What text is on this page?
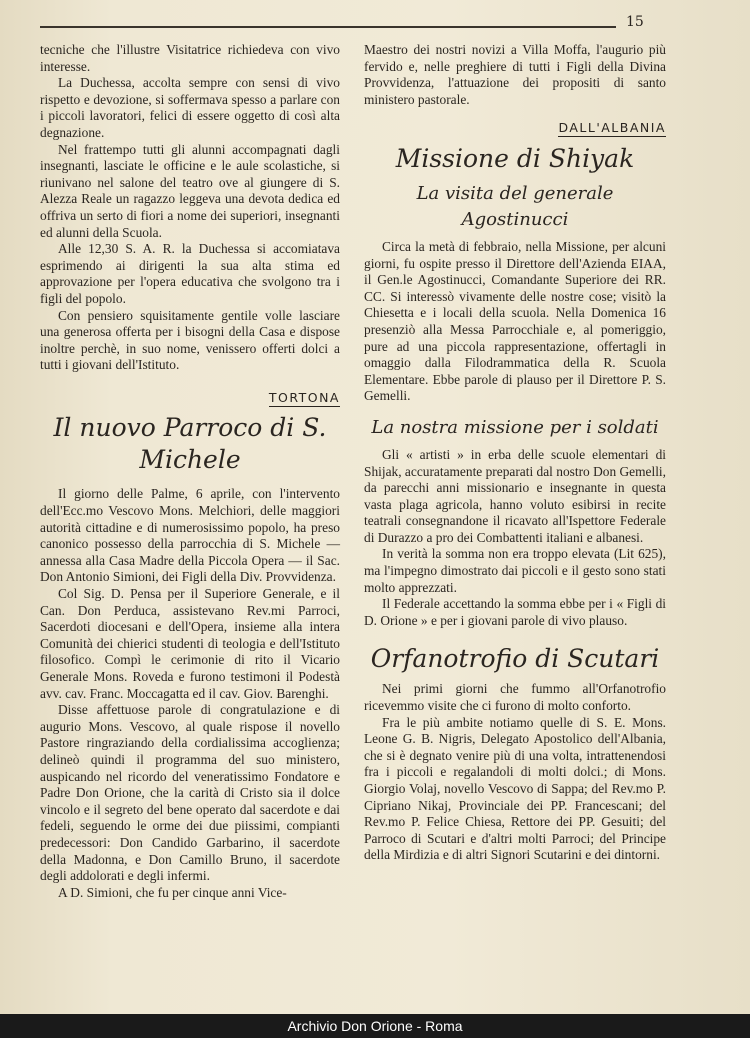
15

tecniche che l'illustre Visitatrice richiedeva con vivo interesse.

La Duchessa, accolta sempre con sensi di vivo rispetto e devozione, si soffermava spesso a parlare con i piccoli lavoratori, felici di essere oggetto di così alta degnazione.

Nel frattempo tutti gli alunni accompagnati dagli insegnanti, lasciate le officine e le aule scolastiche, si riunivano nel salone del teatro ove al giungere di S. Alezza Reale un ragazzo leggeva una devota dedica ed offriva un serto di fiori a nome dei superiori, insegnanti ed alunni della Scuola.

Alle 12,30 S. A. R. la Duchessa si accomiatava esprimendo ai dirigenti la sua alta stima ed approvazione per l'opera educativa che svolgono tra i figli del popolo.

Con pensiero squisitamente gentile volle lasciare una generosa offerta per i bisogni della Casa e dispose inoltre perchè, in suo nome, venissero offerti dolci a tutti i giovani dell'Istituto.

TORTONA
Il nuovo Parroco di S. Michele

Il giorno delle Palme, 6 aprile, con l'intervento dell'Ecc.mo Vescovo Mons. Melchiori, delle maggiori autorità cittadine e di numerosissimo popolo, ha preso canonico possesso della parrocchia di S. Michele — annessa alla Casa Madre della Piccola Opera — il Sac. Don Antonio Simioni, dei Figli della Div. Provvidenza.

Col Sig. D. Pensa per il Superiore Generale, e il Can. Don Perduca, assistevano Rev.mi Parroci, Sacerdoti diocesani e dell'Opera, insieme alla intera Comunità dei chierici studenti di teologia e dell'Istituto filosofico. Compì le cerimonie di rito il Vicario Generale Mons. Roveda e furono testimoni il Podestà avv. cav. Franc. Moccagatta ed il cav. Giov. Barenghi.

Disse affettuose parole di congratulazione e di augurio Mons. Vescovo, al quale rispose il novello Pastore ringraziando della cordialissima accoglienza; delineò quindi il programma del suo ministero, auspicando nel ricordo del veneratissimo Fondatore e Padre Don Orione, che la carità di Cristo sia il dolce vincolo e il segreto del bene operato dal sacerdote e dai fedeli, seguendo le orme dei due piissimi, compianti predecessori: Don Candido Garbarino, il sacerdote della Madonna, e Don Camillo Bruno, il sacerdote degli addolorati e degli infermi.

A D. Simioni, che fu per cinque anni Vice-

Maestro dei nostri novizi a Villa Moffa, l'augurio più fervido e, nelle preghiere di tutti i Figli della Divina Provvidenza, l'attuazione dei propositi di santo ministero pastorale.

DALL'ALBANIA
Missione di Shiyak
La visita del generale Agostinucci

Circa la metà di febbraio, nella Missione, per alcuni giorni, fu ospite presso il Direttore dell'Azienda EIAA, il Gen.le Agostinucci, Comandante Superiore dei RR. CC. Si interessò vivamente delle nostre cose; visitò la Chiesetta e i locali della scuola. Nella Domenica 16 presenziò alla Messa Parrocchiale e, al pomeriggio, pure ad una piccola rappresentazione, offertagli in omaggio dalla Filodrammatica della R. Scuola Elementare. Ebbe parole di plauso per il Direttore P. S. Gemelli.

La nostra missione per i soldati

Gli « artisti » in erba delle scuole elementari di Shijak, accuratamente preparati dal nostro Don Gemelli, da parecchi anni missionario e insegnante in questa vasta plaga agricola, hanno voluto esibirsi in recite teatrali consegnandone il ricavato all'Ispettore Federale di Durazzo a pro dei Combattenti italiani e albanesi.

In verità la somma non era troppo elevata (Lit 625), ma l'impegno dimostrato dai piccoli e il gesto sono stati molto apprezzati.

Il Federale accettando la somma ebbe per i « Figli di D. Orione » e per i giovani parole di vivo plauso.

Orfanotrofio di Scutari

Nei primi giorni che fummo all'Orfanotrofio ricevemmo visite che ci furono di molto conforto.

Fra le più ambite notiamo quelle di S. E. Mons. Leone G. B. Nigris, Delegato Apostolico dell'Albania, che si è degnato venire più di una volta, intrattenendosi fra i piccoli e regalandoli di molti dolci.; di Mons. Giorgio Volaj, novello Vescovo di Sappa; del Rev.mo P. Cipriano Nikaj, Provinciale dei PP. Francescani; del Rev.mo P. Felice Chiesa, Rettore dei PP. Gesuiti; del Parroco di Scutari e d'altri molti Parroci; del Principe della Mirdizia e di altri Signori Scutarini e dei dintorni.

Archivio Don Orione - Roma
